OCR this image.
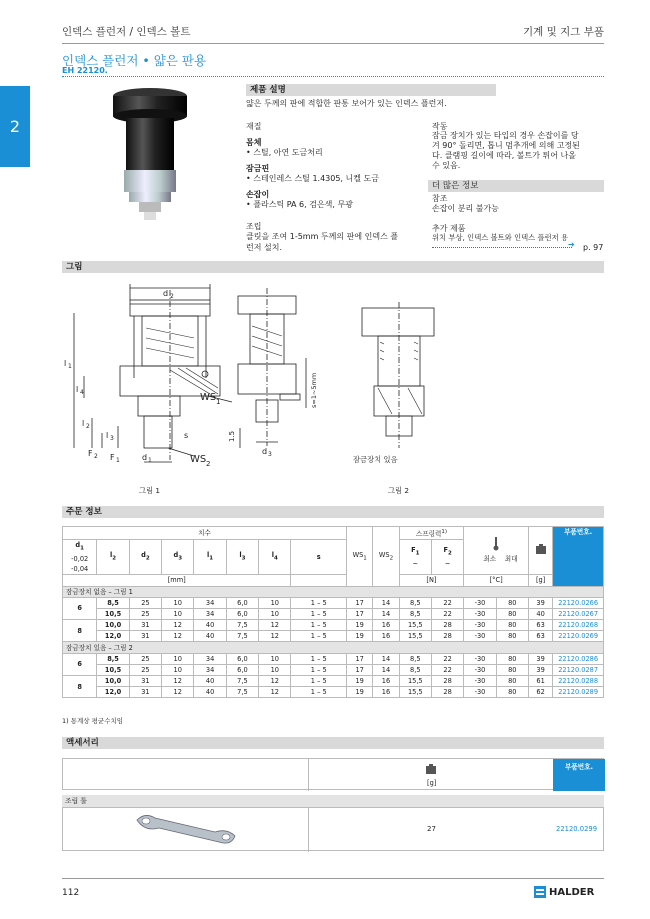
인덱스 플런저 / 인덱스 볼트	기계 및 지그 부품
2
인덱스 플런저 • 얇은 판용
EH 22120.
제품 설명
얇은 두께의 판에 적합한 판통 보어가 있는 인덱스 플런저.
재질
몸체
• 스틸, 아연 도금처리
잠금핀
• 스테인레스 스틸 1.4305, 니켈 도금
손잡이
• 플라스틱 PA 6, 검은색, 무광
조립
클릿을 조여 1-5mm 두께의 판에 인덱스 플
런저 설치.
작동
잠금 장치가 있는 타입의 경우 손잡이를 당
겨 90° 돌리면, 톱니 멈추개에 의해 고정된
다. 클램핑 길이에 따라, 볼트가 튀어 나올
수 있음.
더 많은 정보
참조
손잡이 분리 불가능
추가 제품
위치 부상, 인덱스 볼트와 인덱스 플런저 용
➔ p. 97
그림
d 2
l 1
l 4
l 2
l 3
F 2 F 1	d 1
WS 1
s
WS 2
d 3
1.5
s=1~5mm
잠금장치 있음
그림 1	그림 2
주문 정보
치수								$WS_1$	$WS_2$	스프링력$^{1)}$		최소 최대			부품번호.
$d_1$
-0,02
-0,04	$l_2$	$d_2$	$d_3$	$l_1$	$l_3$	$l_4$	s			$F_1$
~	$F_2$
~				
[mm]										[N]		[°C]		[g]	
잠금장치 없음 – 그림 1															
6	8,5	25	10	34	6,0	10	1 – 5	17	14	8,5	22	-30	80	39	22120.0266
	10,5	25	10	34	6,0	10	1 – 5	17	14	8,5	22	-30	80	40	22120.0267
8	10,0	31	12	40	7,5	12	1 – 5	19	16	15,5	28	-30	80	63	22120.0268
	12,0	31	12	40	7,5	12	1 – 5	19	16	15,5	28	-30	80	63	22120.0269
잠금장치 있음 – 그림 2															
6	8,5	25	10	34	6,0	10	1 – 5	17	14	8,5	22	-30	80	39	22120.0286
	10,5	25	10	34	6,0	10	1 – 5	17	14	8,5	22	-30	80	39	22120.0287
8	10,0	31	12	40	7,5	12	1 – 5	19	16	15,5	28	-30	80	61	22120.0288
	12,0	31	12	40	7,5	12	1 – 5	19	16	15,5	28	-30	80	62	22120.0289
1) 통계상 평균수치임
액세서리
부품번호.
[g]
조립 툴
27	22120.0299
112	HALDER
